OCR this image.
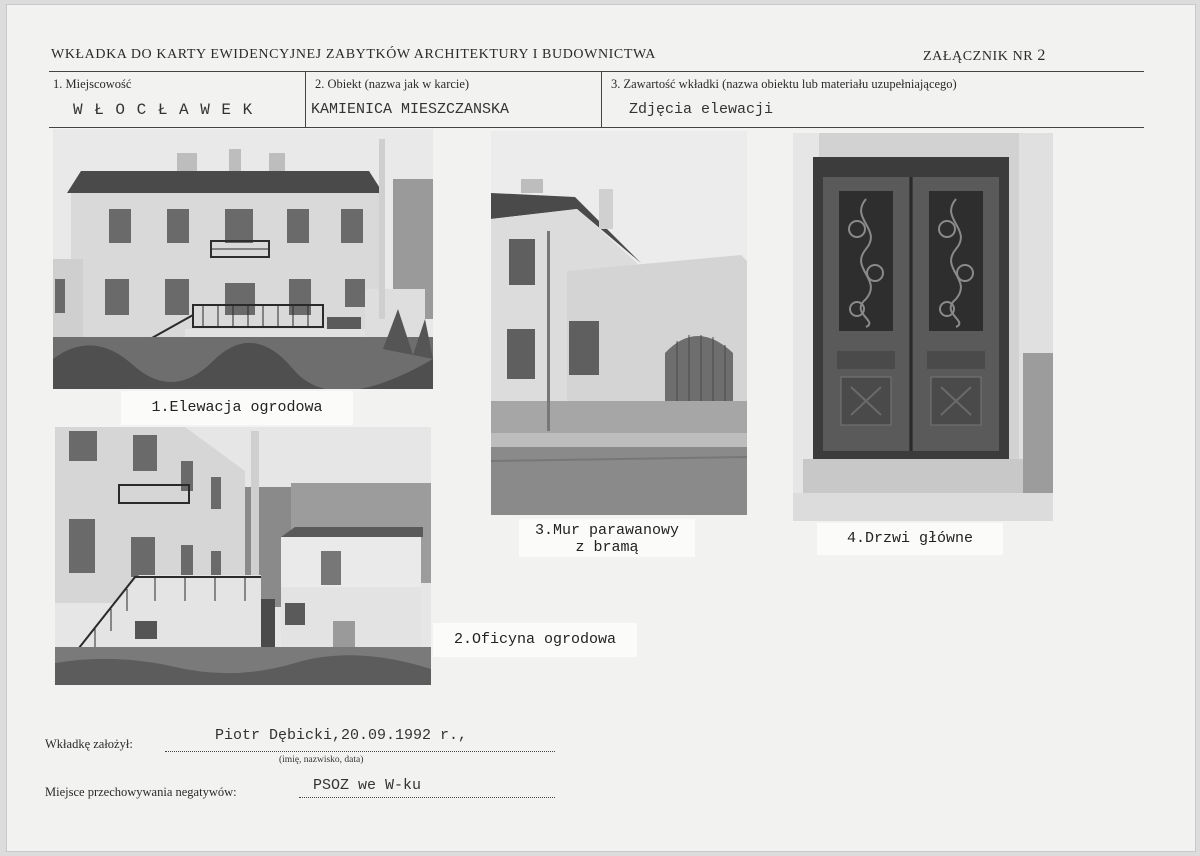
WKŁADKA DO KARTY EWIDENCYJNEJ ZABYTKÓW ARCHITEKTURY I BUDOWNICTWA	ZAŁĄCZNIK NR 2
1. Miejscowość
W Ł O C Ł A W E K
2. Obiekt (nazwa jak w karcie)
KAMIENICA MIESZCZANSKA
3. Zawartość wkładki (nazwa obiektu lub materiału uzupełniającego)
Zdjęcia elewacji
1.Elewacja ogrodowa
2.Oficyna ogrodowa
3.Mur parawanowy
z bramą
4.Drzwi główne
Wkładkę założył:	Piotr Dębicki,20.09.1992 r.,
(imię, nazwisko, data)
Miejsce przechowywania negatywów:	PSOZ we W-ku
